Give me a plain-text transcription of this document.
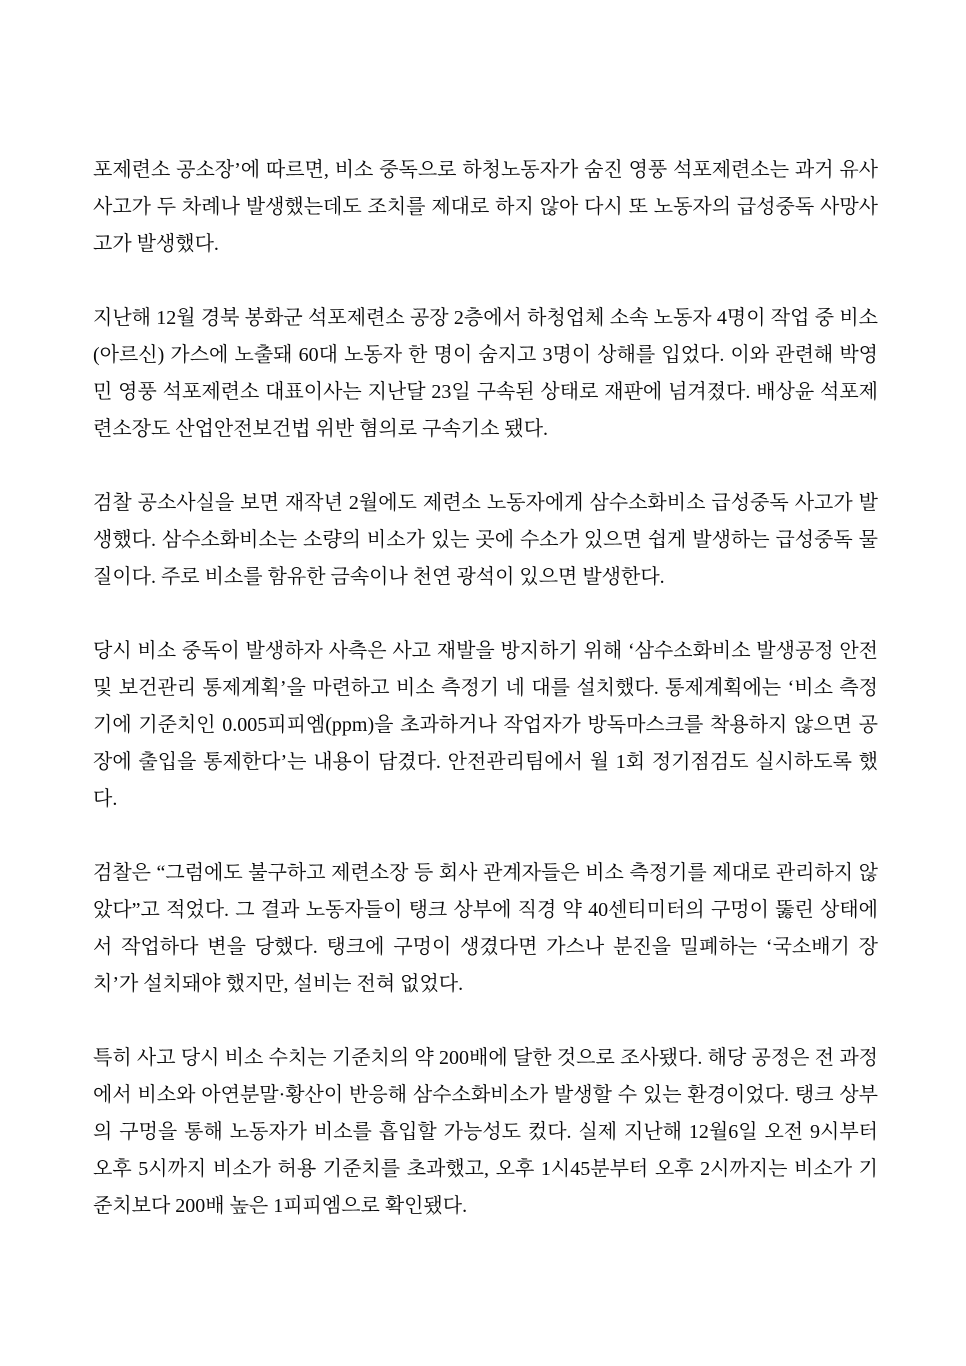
포제련소 공소장’에 따르면, 비소 중독으로 하청노동자가 숨진 영풍 석포제련소는 과거 유사 사고가 두 차례나 발생했는데도 조치를 제대로 하지 않아 다시 또 노동자의 급성중독 사망사고가 발생했다.

지난해 12월 경북 봉화군 석포제련소 공장 2층에서 하청업체 소속 노동자 4명이 작업 중 비소(아르신) 가스에 노출돼 60대 노동자 한 명이 숨지고 3명이 상해를 입었다. 이와 관련해 박영민 영풍 석포제련소 대표이사는 지난달 23일 구속된 상태로 재판에 넘겨졌다. 배상윤 석포제련소장도 산업안전보건법 위반 혐의로 구속기소 됐다.

검찰 공소사실을 보면 재작년 2월에도 제련소 노동자에게 삼수소화비소 급성중독 사고가 발생했다. 삼수소화비소는 소량의 비소가 있는 곳에 수소가 있으면 쉽게 발생하는 급성중독 물질이다. 주로 비소를 함유한 금속이나 천연 광석이 있으면 발생한다.

당시 비소 중독이 발생하자 사측은 사고 재발을 방지하기 위해 ‘삼수소화비소 발생공정 안전 및 보건관리 통제계획’을 마련하고 비소 측정기 네 대를 설치했다. 통제계획에는 ‘비소 측정기에 기준치인 0.005피피엠(ppm)을 초과하거나 작업자가 방독마스크를 착용하지 않으면 공장에 출입을 통제한다’는 내용이 담겼다. 안전관리팀에서 월 1회 정기점검도 실시하도록 했다.

검찰은 “그럼에도 불구하고 제련소장 등 회사 관계자들은 비소 측정기를 제대로 관리하지 않았다”고 적었다. 그 결과 노동자들이 탱크 상부에 직경 약 40센티미터의 구멍이 뚫린 상태에서 작업하다 변을 당했다. 탱크에 구멍이 생겼다면 가스나 분진을 밀폐하는 ‘국소배기 장치’가 설치돼야 했지만, 설비는 전혀 없었다.

특히 사고 당시 비소 수치는 기준치의 약 200배에 달한 것으로 조사됐다. 해당 공정은 전 과정에서 비소와 아연분말·황산이 반응해 삼수소화비소가 발생할 수 있는 환경이었다. 탱크 상부의 구멍을 통해 노동자가 비소를 흡입할 가능성도 컸다. 실제 지난해 12월6일 오전 9시부터 오후 5시까지 비소가 허용 기준치를 초과했고, 오후 1시45분부터 오후 2시까지는 비소가 기준치보다 200배 높은 1피피엠으로 확인됐다.
